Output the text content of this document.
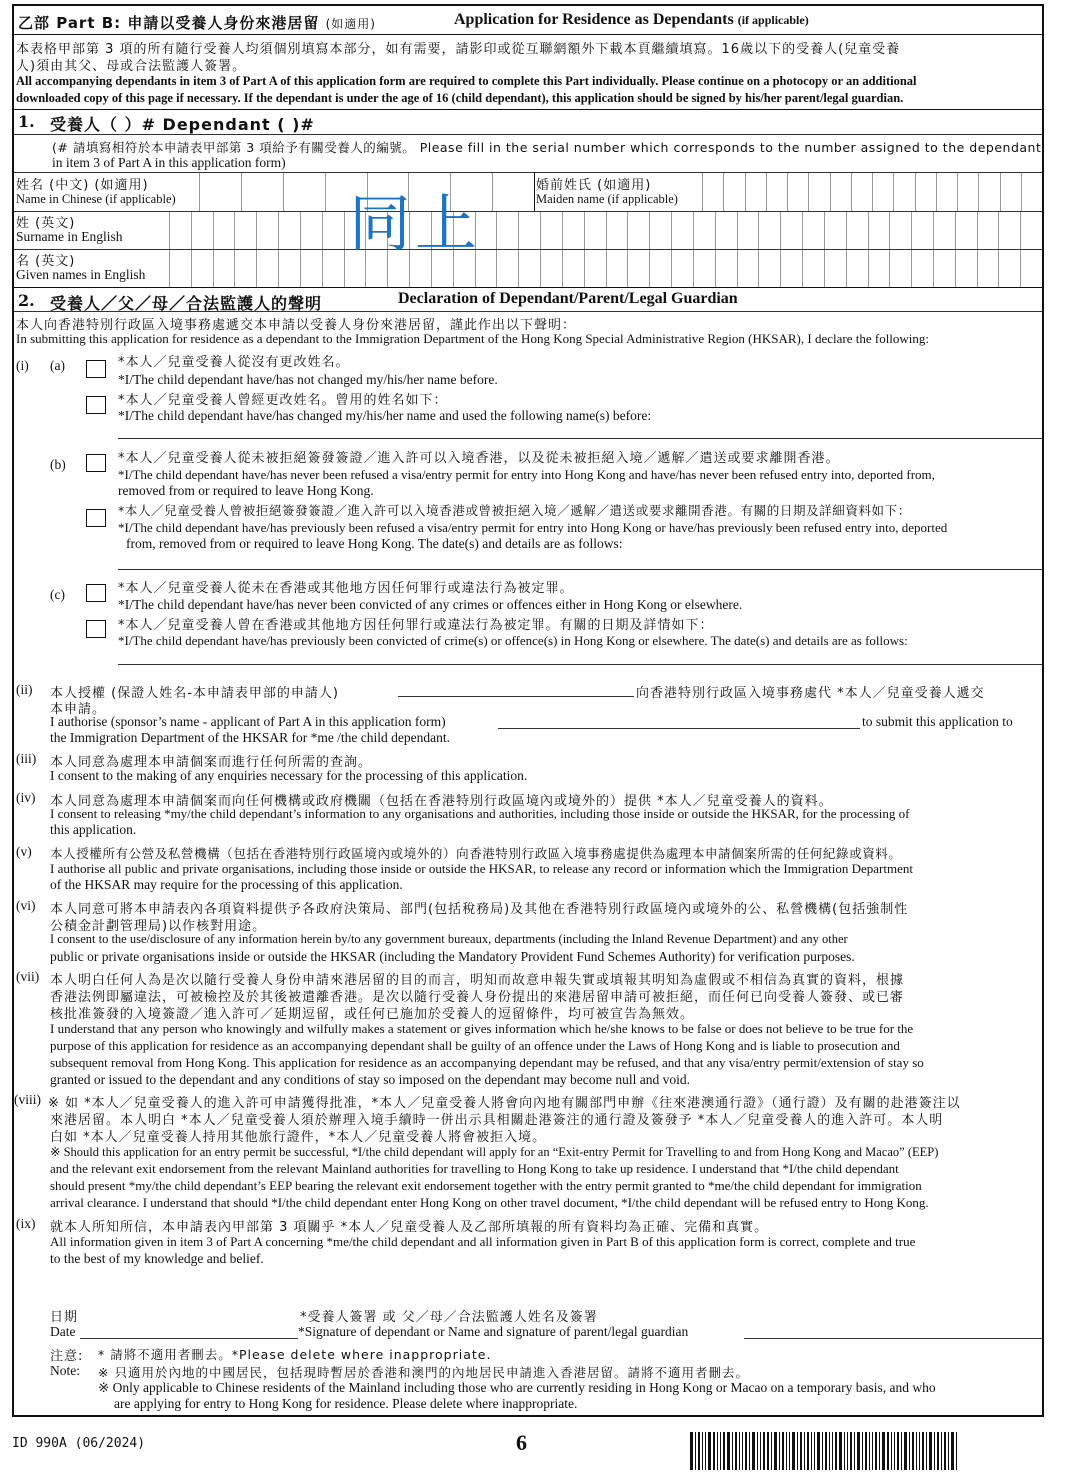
乙部 Part B: 申請以受養人身份來港居留 (如適用)	Application for Residence as Dependants (if applicable)
本表格甲部第 3 項的所有隨行受養人均須個別填寫本部分，如有需要，請影印或從互聯網額外下載本頁繼續填寫。16歲以下的受養人(兒童受養
人)須由其父、母或合法監護人簽署。
All accompanying dependants in item 3 of Part A of this application form are required to complete this Part individually. Please continue on a photocopy or an additional
downloaded copy of this page if necessary. If the dependant is under the age of 16 (child dependant), this application should be signed by his/her parent/legal guardian.
1. 受養人（ ）# Dependant ( )#
(# 請填寫相符於本申請表甲部第 3 項給予有關受養人的編號。 Please fill in the serial number which corresponds to the number assigned to the dependant
in item 3 of Part A in this application form)
姓名 (中文) (如適用)
Name in Chinese (if applicable)
婚前姓氏 (如適用)
Maiden name (if applicable)
姓 (英文)
Surname in English
名 (英文)
Given names in English
同上
2. 受養人／父／母／合法監護人的聲明	Declaration of Dependant/Parent/Legal Guardian
本人向香港特別行政區入境事務處遞交本申請以受養人身份來港居留，謹此作出以下聲明：
In submitting this application for residence as a dependant to the Immigration Department of the Hong Kong Special Administrative Region (HKSAR), I declare the following:
(i) (a)	*本人／兒童受養人從沒有更改姓名。
*I/The child dependant have/has not changed my/his/her name before.
*本人／兒童受養人曾經更改姓名。曾用的姓名如下：
*I/The child dependant have/has changed my/his/her name and used the following name(s) before:
(b)	*本人／兒童受養人從未被拒絕簽發簽證／進入許可以入境香港，以及從未被拒絕入境／遞解／遣送或要求離開香港。
*I/The child dependant have/has never been refused a visa/entry permit for entry into Hong Kong and have/has never been refused entry into, deported from,
removed from or required to leave Hong Kong.
*本人／兒童受養人曾被拒絕簽發簽證／進入許可以入境香港或曾被拒絕入境／遞解／遣送或要求離開香港。有關的日期及詳細資料如下：
*I/The child dependant have/has previously been refused a visa/entry permit for entry into Hong Kong or have/has previously been refused entry into, deported
from, removed from or required to leave Hong Kong. The date(s) and details are as follows:
(c)	*本人／兒童受養人從未在香港或其他地方因任何罪行或違法行為被定罪。
*I/The child dependant have/has never been convicted of any crimes or offences either in Hong Kong or elsewhere.
*本人／兒童受養人曾在香港或其他地方因任何罪行或違法行為被定罪。有關的日期及詳情如下：
*I/The child dependant have/has previously been convicted of crime(s) or offence(s) in Hong Kong or elsewhere. The date(s) and details are as follows:
(ii) 本人授權 (保證人姓名-本申請表甲部的申請人)	向香港特別行政區入境事務處代 *本人／兒童受養人遞交
本申請。
I authorise (sponsor’s name - applicant of Part A in this application form)	to submit this application to
the Immigration Department of the HKSAR for *me /the child dependant.
(iii) 本人同意為處理本申請個案而進行任何所需的查詢。
I consent to the making of any enquiries necessary for the processing of this application.
(iv) 本人同意為處理本申請個案而向任何機構或政府機關（包括在香港特別行政區境內或境外的）提供 *本人／兒童受養人的資料。
I consent to releasing *my/the child dependant’s information to any organisations and authorities, including those inside or outside the HKSAR, for the processing of
this application.
(v) 本人授權所有公營及私營機構（包括在香港特別行政區境內或境外的）向香港特別行政區入境事務處提供為處理本申請個案所需的任何紀錄或資料。
I authorise all public and private organisations, including those inside or outside the HKSAR, to release any record or information which the Immigration Department
of the HKSAR may require for the processing of this application.
(vi) 本人同意可將本申請表內各項資料提供予各政府決策局、部門(包括稅務局)及其他在香港特別行政區境內或境外的公、私營機構(包括強制性
公積金計劃管理局)以作核對用途。
I consent to the use/disclosure of any information herein by/to any government bureaux, departments (including the Inland Revenue Department) and any other
public or private organisations inside or outside the HKSAR (including the Mandatory Provident Fund Schemes Authority) for verification purposes.
(vii) 本人明白任何人為是次以隨行受養人身份申請來港居留的目的而言，明知而故意申報失實或填報其明知為虛假或不相信為真實的資料，根據
香港法例即屬違法，可被檢控及於其後被遣離香港。是次以隨行受養人身份提出的來港居留申請可被拒絕，而任何已向受養人簽發、或已審
核批准簽發的入境簽證／進入許可／延期逗留，或任何已施加於受養人的逗留條件，均可被宣告為無效。
I understand that any person who knowingly and wilfully makes a statement or gives information which he/she knows to be false or does not believe to be true for the
purpose of this application for residence as an accompanying dependant shall be guilty of an offence under the Laws of Hong Kong and is liable to prosecution and
subsequent removal from Hong Kong. This application for residence as an accompanying dependant may be refused, and that any visa/entry permit/extension of stay so
granted or issued to the dependant and any conditions of stay so imposed on the dependant may become null and void.
(viii) ※ 如 *本人／兒童受養人的進入許可申請獲得批准，*本人／兒童受養人將會向內地有關部門申辦《往來港澳通行證》（通行證）及有關的赴港簽注以
來港居留。本人明白 *本人／兒童受養人須於辦理入境手續時一併出示具相關赴港簽注的通行證及簽發予 *本人／兒童受養人的進入許可。本人明
白如 *本人／兒童受養人持用其他旅行證件，*本人／兒童受養人將會被拒入境。
※ Should this application for an entry permit be successful, *I/the child dependant will apply for an “Exit-entry Permit for Travelling to and from Hong Kong and Macao” (EEP)
and the relevant exit endorsement from the relevant Mainland authorities for travelling to Hong Kong to take up residence. I understand that *I/the child dependant
should present *my/the child dependant’s EEP bearing the relevant exit endorsement together with the entry permit granted to *me/the child dependant for immigration
arrival clearance. I understand that should *I/the child dependant enter Hong Kong on other travel document, *I/the child dependant will be refused entry to Hong Kong.
(ix) 就本人所知所信，本申請表內甲部第 3 項關乎 *本人／兒童受養人及乙部所填報的所有資料均為正確、完備和真實。
All information given in item 3 of Part A concerning *me/the child dependant and all information given in Part B of this application form is correct, complete and true
to the best of my knowledge and belief.
日期
Date
*受養人簽署 或 父／母／合法監護人姓名及簽署
*Signature of dependant or Name and signature of parent/legal guardian
注意:
Note:
* 請將不適用者刪去。*Please delete where inappropriate.
※ 只適用於內地的中國居民，包括現時暫居於香港和澳門的內地居民申請進入香港居留。請將不適用者刪去。
※ Only applicable to Chinese residents of the Mainland including those who are currently residing in Hong Kong or Macao on a temporary basis, and who
are applying for entry to Hong Kong for residence. Please delete where inappropriate.
ID 990A (06/2024)	6
